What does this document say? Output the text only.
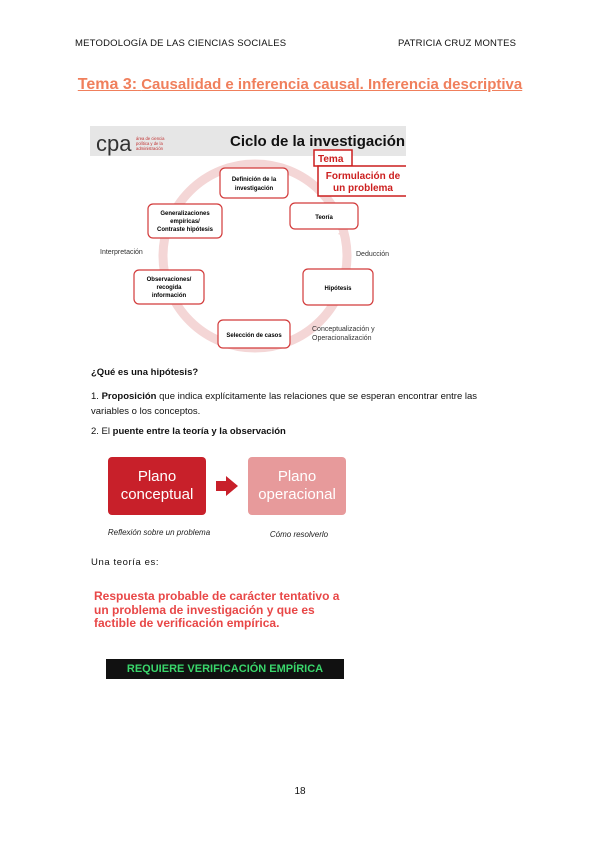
METODOLOGÍA DE LAS CIENCIAS SOCIALES	PATRICIA CRUZ MONTES
Tema 3: Causalidad e inferencia causal. Inferencia descriptiva
cpa área de ciencia
política y de la
administración	Ciclo de la investigación
Tema
Formulación de
un problema
Definición de la
investigación
Teoría
Hipótesis
Selección de casos
Observaciones/
recogida
información
Generalizaciones
empíricas/
Contraste hipótesis
Interpretación	Deducción
Conceptualización y
Operacionalización
¿Qué es una hipótesis?
1. Proposición que indica explícitamente las relaciones que se esperan encontrar entre las
variables o los conceptos.
2. El puente entre la teoría y la observación
Plano
conceptual
Plano
operacional
Reflexión sobre un problema	Cómo resolverlo
Una teoría es:
Respuesta probable de carácter tentativo a
un problema de investigación y que es
factible de verificación empírica.
REQUIERE VERIFICACIÓN EMPÍRICA
18
